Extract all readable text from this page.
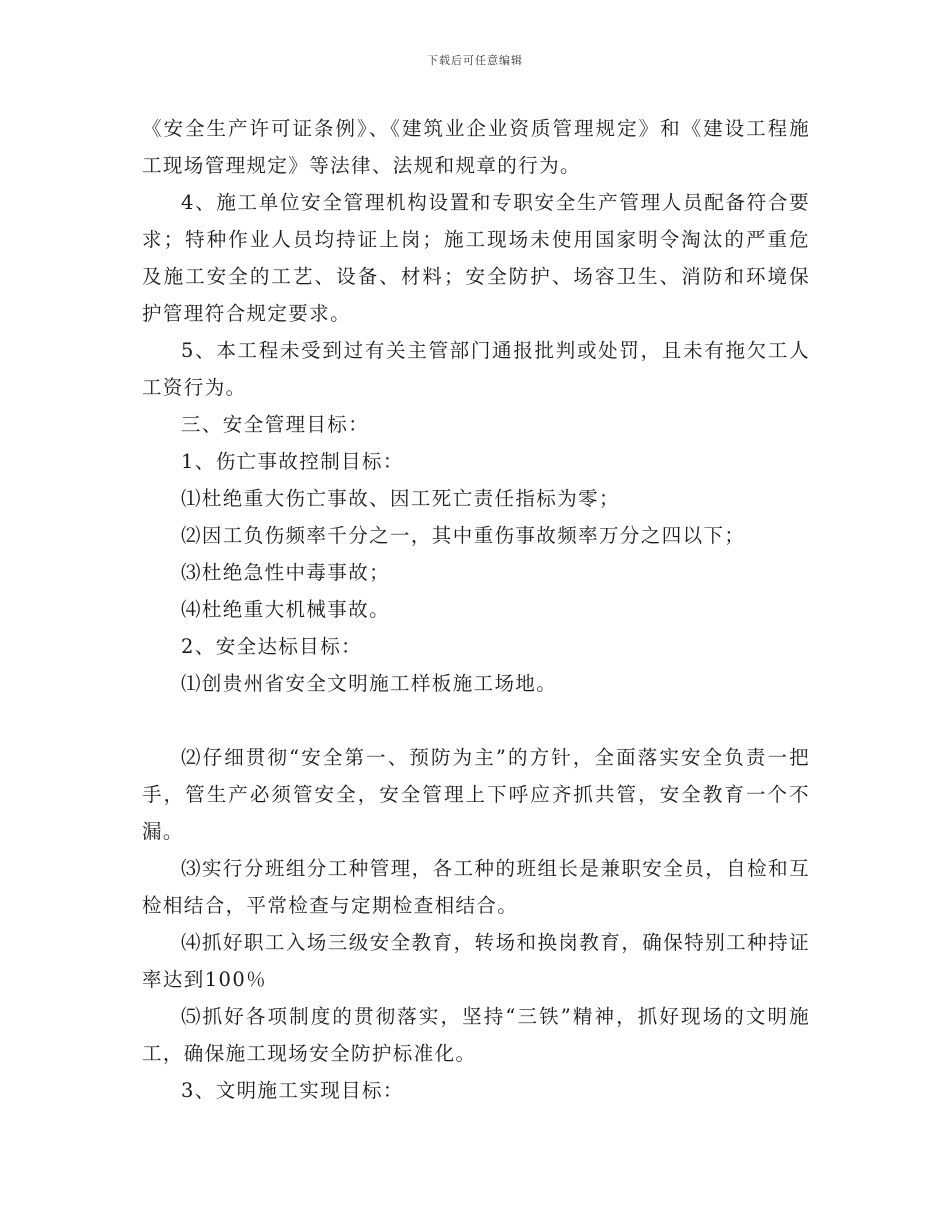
下载后可任意编辑

《安全生产许可证条例》、《建筑业企业资质管理规定》和《建设工程施工现场管理规定》等法律、法规和规章的行为。

4、施工单位安全管理机构设置和专职安全生产管理人员配备符合要求；特种作业人员均持证上岗；施工现场未使用国家明令淘汰的严重危及施工安全的工艺、设备、材料；安全防护、场容卫生、消防和环境保护管理符合规定要求。

5、本工程未受到过有关主管部门通报批判或处罚，且未有拖欠工人工资行为。

三、安全管理目标：

1、伤亡事故控制目标：

⑴杜绝重大伤亡事故、因工死亡责任指标为零；

⑵因工负伤频率千分之一，其中重伤事故频率万分之四以下；

⑶杜绝急性中毒事故；

⑷杜绝重大机械事故。

2、安全达标目标：

⑴创贵州省安全文明施工样板施工场地。

⑵仔细贯彻“安全第一、预防为主”的方针，全面落实安全负责一把手，管生产必须管安全，安全管理上下呼应齐抓共管，安全教育一个不漏。

⑶实行分班组分工种管理，各工种的班组长是兼职安全员，自检和互检相结合，平常检查与定期检查相结合。

⑷抓好职工入场三级安全教育，转场和换岗教育，确保特别工种持证率达到100％

⑸抓好各项制度的贯彻落实，坚持“三铁”精神，抓好现场的文明施工，确保施工现场安全防护标准化。

3、文明施工实现目标：
